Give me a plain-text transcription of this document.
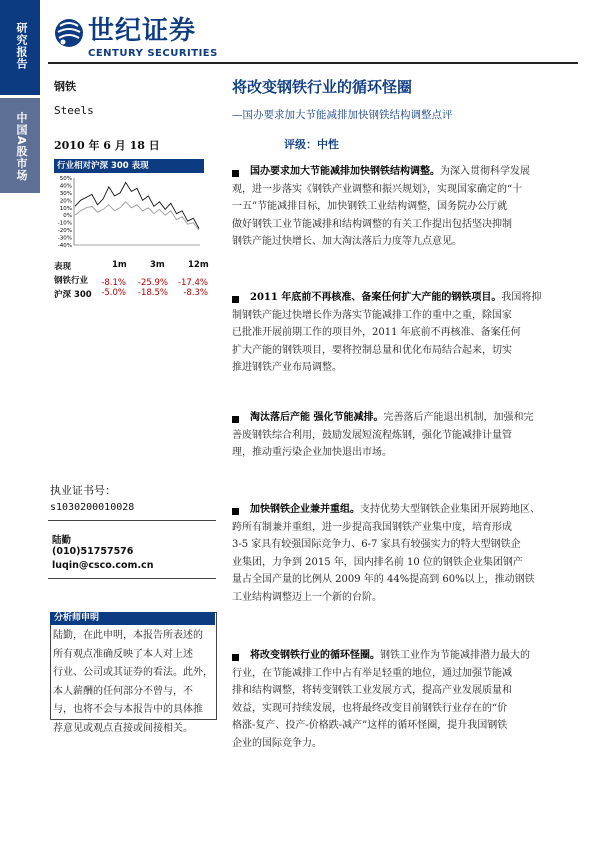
研究报告
中国A股市场
世纪证券
CENTURY SECURITIES
钢铁
Steels
2010 年 6 月 18 日
将改变钢铁行业的循环怪圈
—国办要求加大节能减排加快钢铁结构调整点评
评级：中性
行业相对沪深 300 表现
50%
40%
30%
20%
10%
0%
-10%
-20%
-30%
-40%
表现	1m	3m	12m
钢铁行业	-8.1%	-25.9%	-17.4%
沪深 300	-5.0%	-18.5%	-8.3%
执业证书号：
s1030200010028
陆勤
(010)51757576
luqin@csco.com.cn
分析师申明
陆勤，在此申明，本报告所表述的
所有观点准确反映了本人对上述
行业、公司或其证券的看法。此外，
本人薪酬的任何部分不曾与，不
与，也将不会与本报告中的具体推
荐意见或观点直接或间接相关。
国办要求加大节能减排加快钢铁结构调整。为深入贯彻科学发展
观，进一步落实《钢铁产业调整和振兴规划》，实现国家确定的“十
一五”节能减排目标，加快钢铁工业结构调整，国务院办公厅就
做好钢铁工业节能减排和结构调整的有关工作提出包括坚决抑制
钢铁产能过快增长、加大淘汰落后力度等九点意见。
2011 年底前不再核准、备案任何扩大产能的钢铁项目。我国将抑
制钢铁产能过快增长作为落实节能减排工作的重中之重，除国家
已批准开展前期工作的项目外，2011 年底前不再核准、备案任何
扩大产能的钢铁项目，要将控制总量和优化布局结合起来，切实
推进钢铁产业布局调整。
淘汰落后产能 强化节能减排。完善落后产能退出机制，加强和完
善废钢铁综合利用，鼓励发展短流程炼钢，强化节能减排计量管
理，推动重污染企业加快退出市场。
加快钢铁企业兼并重组。支持优势大型钢铁企业集团开展跨地区、
跨所有制兼并重组，进一步提高我国钢铁产业集中度，培育形成
3-5 家具有较强国际竞争力、6-7 家具有较强实力的特大型钢铁企
业集团，力争到 2015 年，国内排名前 10 位的钢铁企业集团钢产
量占全国产量的比例从 2009 年的 44%提高到 60%以上，推动钢铁
工业结构调整迈上一个新的台阶。
将改变钢铁行业的循环怪圈。钢铁工业作为节能减排潜力最大的
行业，在节能减排工作中占有举足轻重的地位，通过加强节能减
排和结构调整，将转变钢铁工业发展方式，提高产业发展质量和
效益，实现可持续发展，也将最终改变目前钢铁行业存在的“价
格涨-复产、投产-价格跌-减产”这样的循环怪圈，提升我国钢铁
企业的国际竞争力。
